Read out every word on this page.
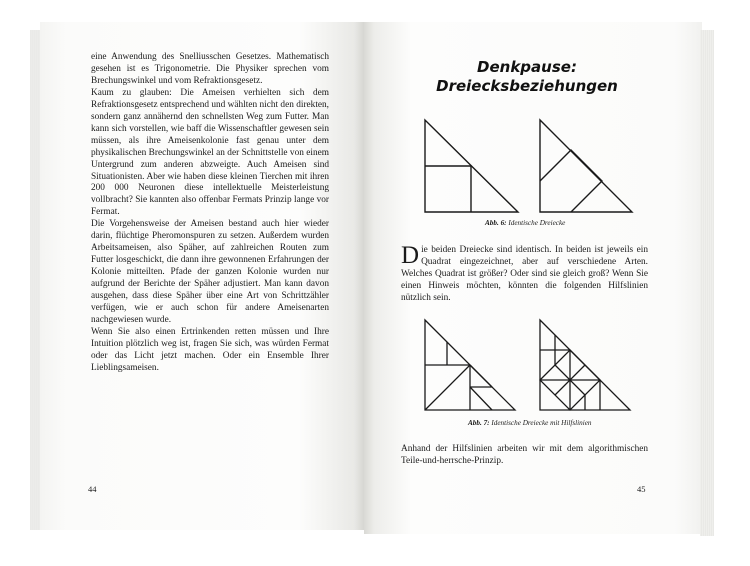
eine Anwendung des Snelliusschen Gesetzes. Mathematisch gesehen ist es Trigonometrie. Die Physiker sprechen vom Brechungswinkel und vom Refraktionsgesetz.

Kaum zu glauben: Die Ameisen verhielten sich dem Refraktionsgesetz entsprechend und wählten nicht den direkten, sondern ganz annähernd den schnellsten Weg zum Futter. Man kann sich vorstellen, wie baff die Wissenschaftler gewesen sein müssen, als ihre Ameisenkolonie fast genau unter dem physikalischen Brechungswinkel an der Schnittstelle von einem Untergrund zum anderen abzweigte. Auch Ameisen sind Situationisten. Aber wie haben diese kleinen Tierchen mit ihren 200 000 Neuronen diese intellektuelle Meisterleistung vollbracht? Sie kannten also offenbar Fermats Prinzip lange vor Fermat.

Die Vorgehensweise der Ameisen bestand auch hier wieder darin, flüchtige Pheromonspuren zu setzen. Außerdem wurden Arbeitsameisen, also Späher, auf zahlreichen Routen zum Futter losgeschickt, die dann ihre gewonnenen Erfahrungen der Kolonie mitteilten. Pfade der ganzen Kolonie wurden nur aufgrund der Berichte der Späher adjustiert. Man kann davon ausgehen, dass diese Späher über eine Art von Schrittzähler verfügen, wie er auch schon für andere Ameisenarten nachgewiesen wurde.

Wenn Sie also einen Ertrinkenden retten müssen und Ihre Intuition plötzlich weg ist, fragen Sie sich, was würden Fermat oder das Licht jetzt machen. Oder ein Ensemble Ihrer Lieblingsameisen.

44
Denkpause:
Dreiecksbeziehungen
Abb. 6: Identische Dreiecke
Die beiden Dreiecke sind identisch. In beiden ist jeweils ein Quadrat eingezeichnet, aber auf verschiedene Arten. Welches Quadrat ist größer? Oder sind sie gleich groß? Wenn Sie einen Hinweis möchten, könnten die folgenden Hilfslinien nützlich sein.
Abb. 7: Identische Dreiecke mit Hilfslinien
Anhand der Hilfslinien arbeiten wir mit dem algorithmischen Teile-und-herrsche-Prinzip.
45
